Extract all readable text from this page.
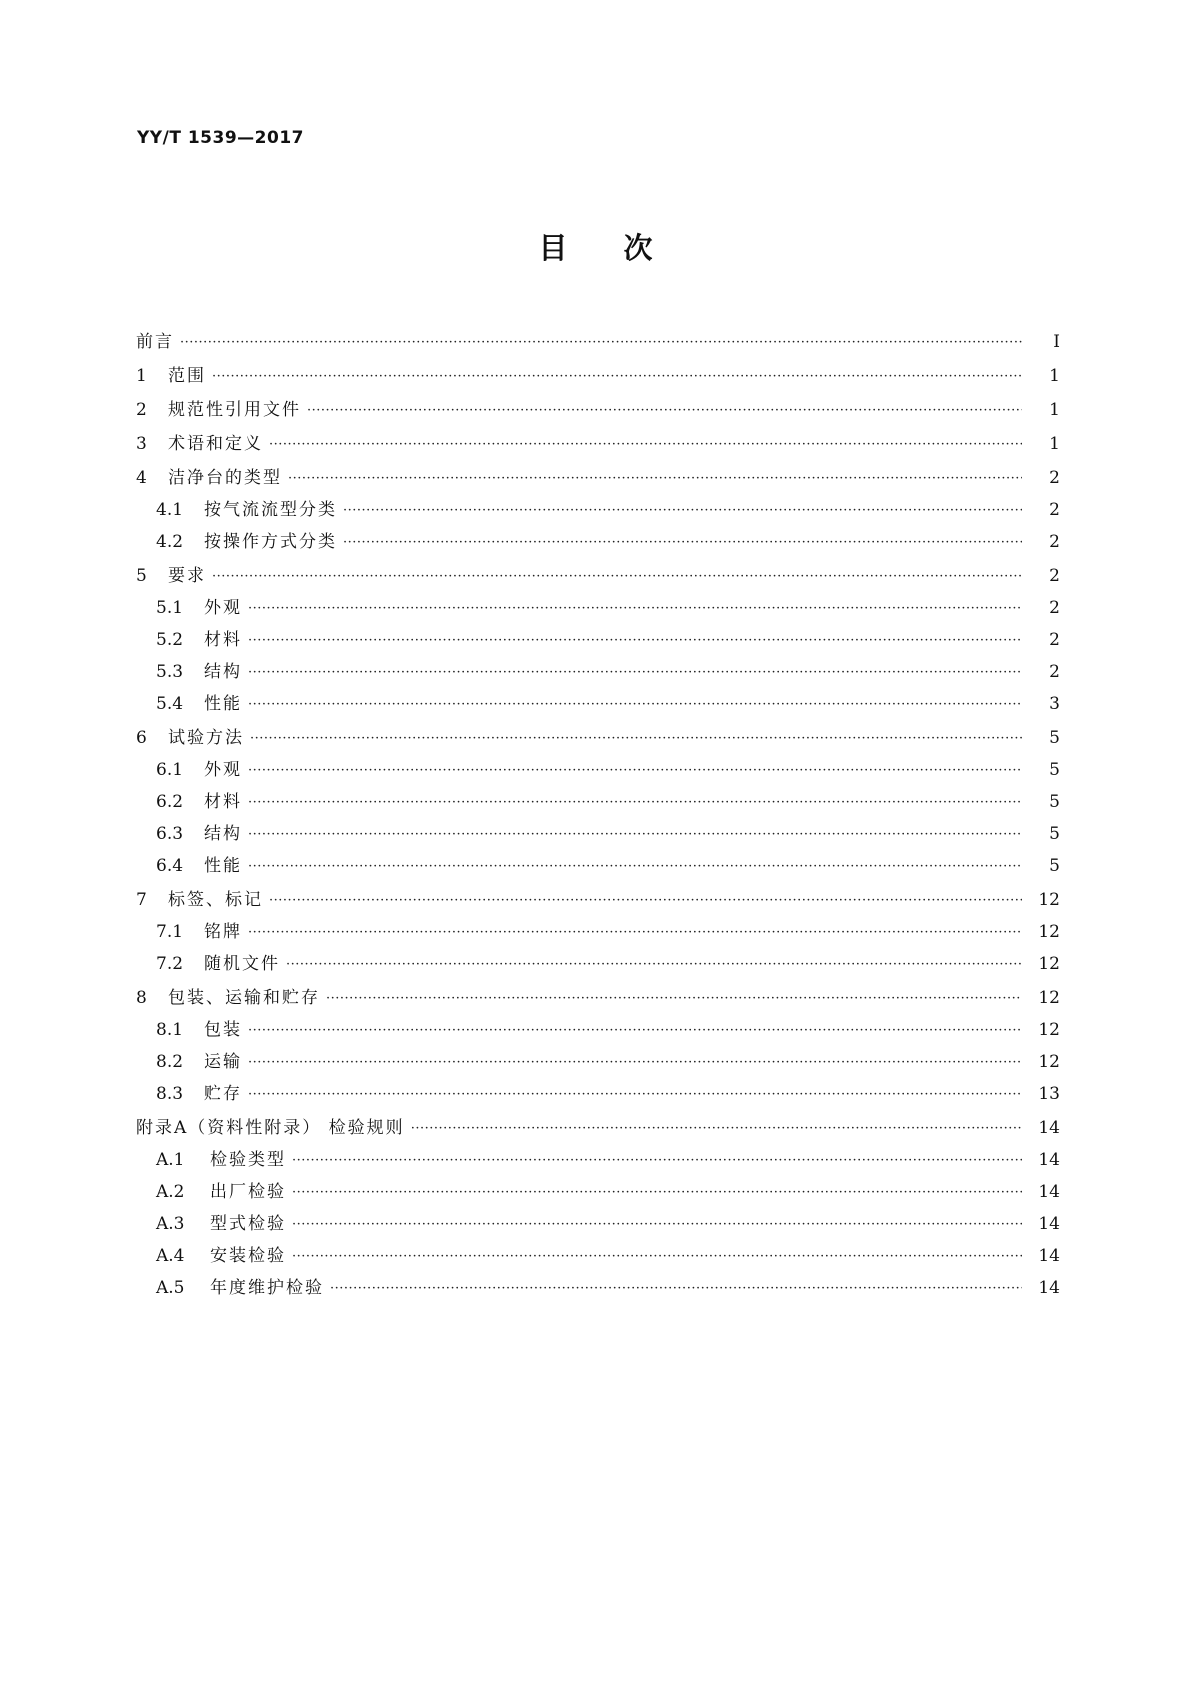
YY/T 1539—2017
目 次
前言 ·····	Ⅰ
1	范围 ·····	1
2	规范性引用文件 ·····	1
3	术语和定义 ·····	1
4	洁净台的类型 ·····	2
4.1	按气流流型分类 ·····	2
4.2	按操作方式分类 ·····	2
5	要求 ·····	2
5.1	外观 ·····	2
5.2	材料 ·····	2
5.3	结构 ·····	2
5.4	性能 ·····	3
6	试验方法 ·····	5
6.1	外观 ·····	5
6.2	材料 ·····	5
6.3	结构 ·····	5
6.4	性能 ·····	5
7	标签、标记 ·····	12
7.1	铭牌 ·····	12
7.2	随机文件 ·····	12
8	包装、运输和贮存 ·····	12
8.1	包装 ·····	12
8.2	运输 ·····	12
8.3	贮存 ·····	13
附录A（资料性附录） 检验规则 ·····	14
A.1	检验类型 ·····	14
A.2	出厂检验 ·····	14
A.3	型式检验 ·····	14
A.4	安装检验 ·····	14
A.5	年度维护检验 ·····	14
